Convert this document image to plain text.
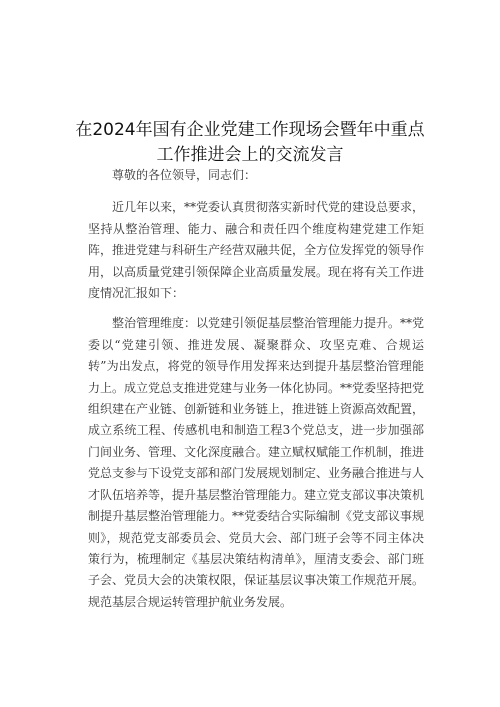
在2024年国有企业党建工作现场会暨年中重点
工作推进会上的交流发言

尊敬的各位领导，同志们：

近几年以来，**党委认真贯彻落实新时代党的建设总要求，坚持从整治管理、能力、融合和责任四个维度构建党建工作矩阵，推进党建与科研生产经营双融共促，全方位发挥党的领导作用，以高质量党建引领保障企业高质量发展。现在将有关工作进度情况汇报如下：

整治管理维度：以党建引领促基层整治管理能力提升。**党委以“党建引领、推进发展、凝聚群众、攻坚克难、合规运转”为出发点，将党的领导作用发挥来达到提升基层整治管理能力上。成立党总支推进党建与业务一体化协同。**党委坚持把党组织建在产业链、创新链和业务链上，推进链上资源高效配置，成立系统工程、传感机电和制造工程3个党总支，进一步加强部门间业务、管理、文化深度融合。建立赋权赋能工作机制，推进党总支参与下设党支部和部门发展规划制定、业务融合推进与人才队伍培养等，提升基层整治管理能力。建立党支部议事决策机制提升基层整治管理能力。**党委结合实际编制《党支部议事规则》，规范党支部委员会、党员大会、部门班子会等不同主体决策行为，梳理制定《基层决策结构清单》，厘清支委会、部门班子会、党员大会的决策权限，保证基层议事决策工作规范开展。规范基层合规运转管理护航业务发展。
